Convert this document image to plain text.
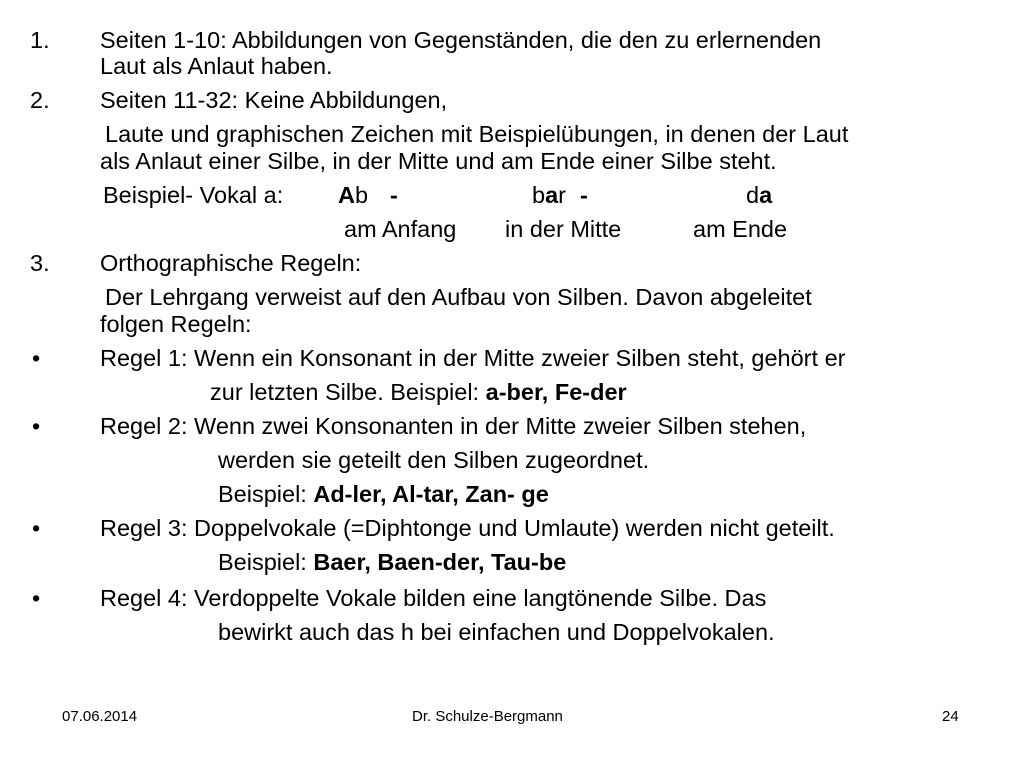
1. Seiten 1-10: Abbildungen von Gegenständen, die den zu erlernenden
Laut als Anlaut haben.
2. Seiten 11-32: Keine Abbildungen,
Laute und graphischen Zeichen mit Beispielübungen, in denen der Laut
als Anlaut einer Silbe, in der Mitte und am Ende einer Silbe steht.
Beispiel- Vokal a: Ab -	bar -	da
am Anfang in der Mitte	am Ende
3. Orthographische Regeln:
Der Lehrgang verweist auf den Aufbau von Silben. Davon abgeleitet
folgen Regeln:
•	Regel 1: Wenn ein Konsonant in der Mitte zweier Silben steht, gehört er
zur letzten Silbe. Beispiel: a-ber, Fe-der
•	Regel 2: Wenn zwei Konsonanten in der Mitte zweier Silben stehen,
werden sie geteilt den Silben zugeordnet.
Beispiel: Ad-ler, Al-tar, Zan- ge
•	Regel 3: Doppelvokale (=Diphtonge und Umlaute) werden nicht geteilt.
Beispiel: Baer, Baen-der, Tau-be
•	Regel 4: Verdoppelte Vokale bilden eine langtönende Silbe. Das
bewirkt auch das h bei einfachen und Doppelvokalen.
07.06.2014	Dr. Schulze-Bergmann	24
